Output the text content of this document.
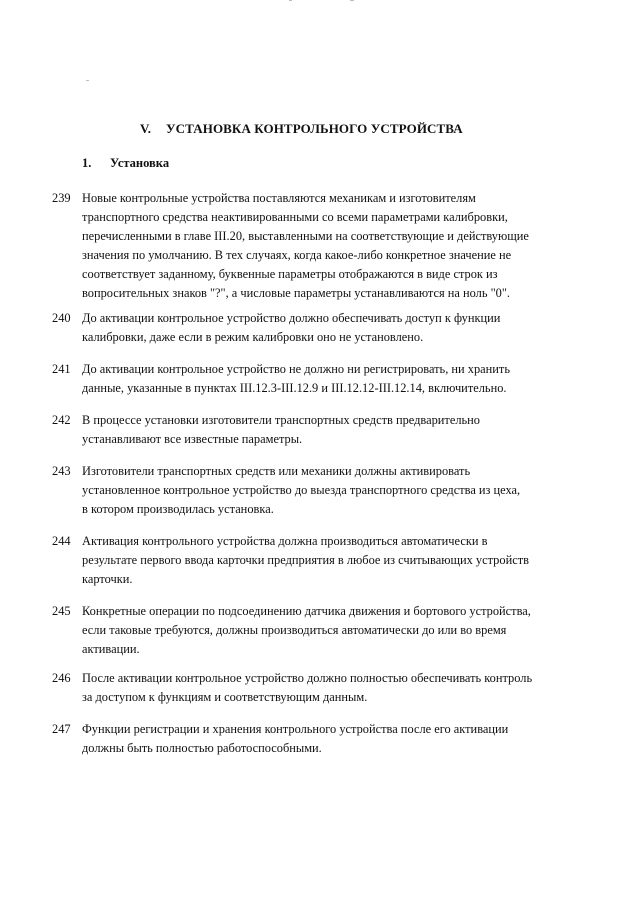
V. УСТАНОВКА КОНТРОЛЬНОГО УСТРОЙСТВА
1. Установка
239 Новые контрольные устройства поставляются механикам и изготовителям
транспортного средства неактивированными со всеми параметрами калибровки,
перечисленными в главе III.20, выставленными на соответствующие и действующие
значения по умолчанию. В тех случаях, когда какое-либо конкретное значение не
соответствует заданному, буквенные параметры отображаются в виде строк из
вопросительных знаков "?", а числовые параметры устанавливаются на ноль "0".
240 До активации контрольное устройство должно обеспечивать доступ к функции
калибровки, даже если в режим калибровки оно не установлено.
241 До активации контрольное устройство не должно ни регистрировать, ни хранить
данные, указанные в пунктах III.12.3-III.12.9 и III.12.12-III.12.14, включительно.
242 В процессе установки изготовители транспортных средств предварительно
устанавливают все известные параметры.
243 Изготовители транспортных средств или механики должны активировать
установленное контрольное устройство до выезда транспортного средства из цеха,
в котором производилась установка.
244 Активация контрольного устройства должна производиться автоматически в
результате первого ввода карточки предприятия в любое из считывающих устройств
карточки.
245 Конкретные операции по подсоединению датчика движения и бортового устройства,
если таковые требуются, должны производиться автоматически до или во время
активации.
246 После активации контрольное устройство должно полностью обеспечивать контроль
за доступом к функциям и соответствующим данным.
247 Функции регистрации и хранения контрольного устройства после его активации
должны быть полностью работоспособными.
